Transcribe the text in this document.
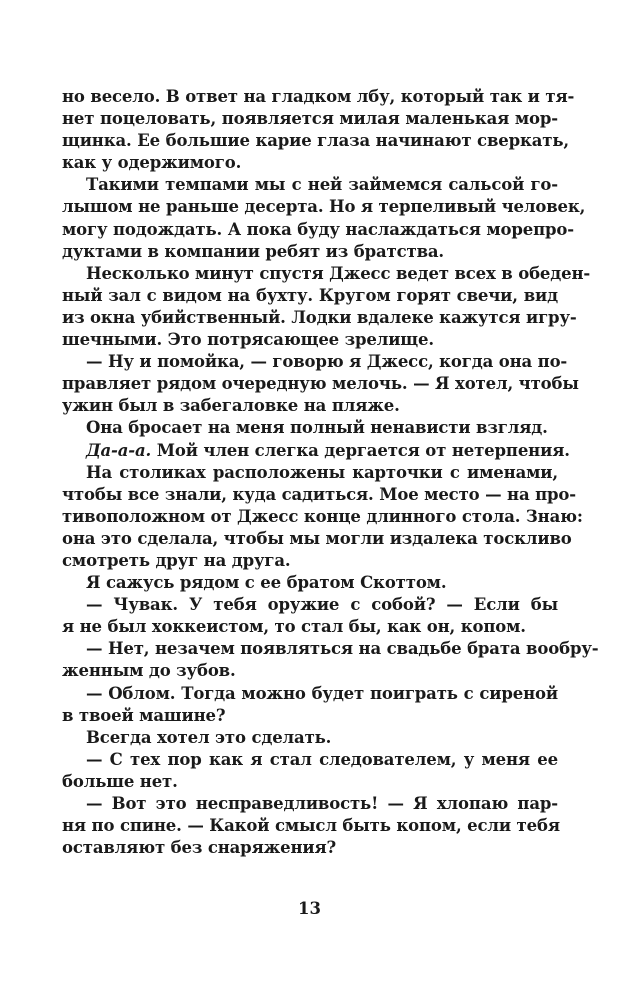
но весело. В ответ на гладком лбу, который так и тя-
нет поцеловать, появляется милая маленькая мор-
щинка. Ее большие карие глаза начинают сверкать,
как у одержимого.
Такими темпами мы с ней займемся сальсой го-
лышом не раньше десерта. Но я терпеливый человек,
могу подождать. А пока буду наслаждаться морепро-
дуктами в компании ребят из братства.
Несколько минут спустя Джесс ведет всех в обеден-
ный зал с видом на бухту. Кругом горят свечи, вид
из окна убийственный. Лодки вдалеке кажутся игру-
шечными. Это потрясающее зрелище.
— Ну и помойка, — говорю я Джесс, когда она по-
правляет рядом очередную мелочь. — Я хотел, чтобы
ужин был в забегаловке на пляже.
Она бросает на меня полный ненависти взгляд.
Да-а-а. Мой член слегка дергается от нетерпения.
На столиках расположены карточки с именами,
чтобы все знали, куда садиться. Мое место — на про-
тивоположном от Джесс конце длинного стола. Знаю:
она это сделала, чтобы мы могли издалека тоскливо
смотреть друг на друга.
Я сажусь рядом с ее братом Скоттом.
— Чувак. У тебя оружие с собой? — Если бы
я не был хоккеистом, то стал бы, как он, копом.
— Нет, незачем появляться на свадьбе брата вообру-
женным до зубов.
— Облом. Тогда можно будет поиграть с сиреной
в твоей машине?
Всегда хотел это сделать.
— С тех пор как я стал следователем, у меня ее
больше нет.
— Вот это несправедливость! — Я хлопаю пар-
ня по спине. — Какой смысл быть копом, если тебя
оставляют без снаряжения?
13
